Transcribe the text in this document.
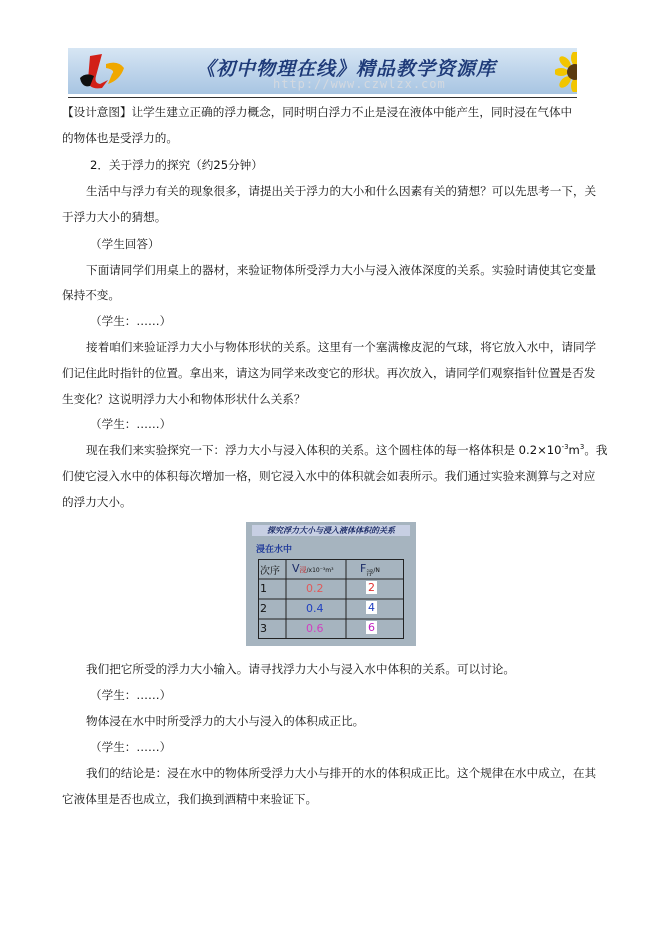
《初中物理在线》精品教学资源库
http://www.czwlzx.com
【设计意图】让学生建立正确的浮力概念，同时明白浮力不止是浸在液体中能产生，同时浸在气体中
的物体也是受浮力的。
2．关于浮力的探究（约25分钟）
生活中与浮力有关的现象很多，请提出关于浮力的大小和什么因素有关的猜想？可以先思考一下，关
于浮力大小的猜想。
（学生回答）
下面请同学们用桌上的器材，来验证物体所受浮力大小与浸入液体深度的关系。实验时请使其它变量
保持不变。
（学生：……）
接着咱们来验证浮力大小与物体形状的关系。这里有一个塞满橡皮泥的气球，将它放入水中，请同学
们记住此时指针的位置。拿出来，请这为同学来改变它的形状。再次放入，请同学们观察指针位置是否发
生变化？这说明浮力大小和物体形状什么关系？
（学生：……）
现在我们来实验探究一下：浮力大小与浸入体积的关系。这个圆柱体的每一格体积是 $0.2\times 10^{-3}m^3$。我
们使它浸入水中的体积每次增加一格，则它浸入水中的体积就会如表所示。我们通过实验来测算与之对应
的浮力大小。
探究浮力大小与浸入液体体积的关系
浸在水中
次序 V浸/x10⁻³m³ $F_浮/N$
1	0.2	2
2	0.4	4
3	0.6	6
我们把它所受的浮力大小输入。请寻找浮力大小与浸入水中体积的关系。可以讨论。
（学生：……）
物体浸在水中时所受浮力的大小与浸入的体积成正比。
（学生：……）
我们的结论是：浸在水中的物体所受浮力大小与排开的水的体积成正比。这个规律在水中成立，在其
它液体里是否也成立，我们换到酒精中来验证下。
